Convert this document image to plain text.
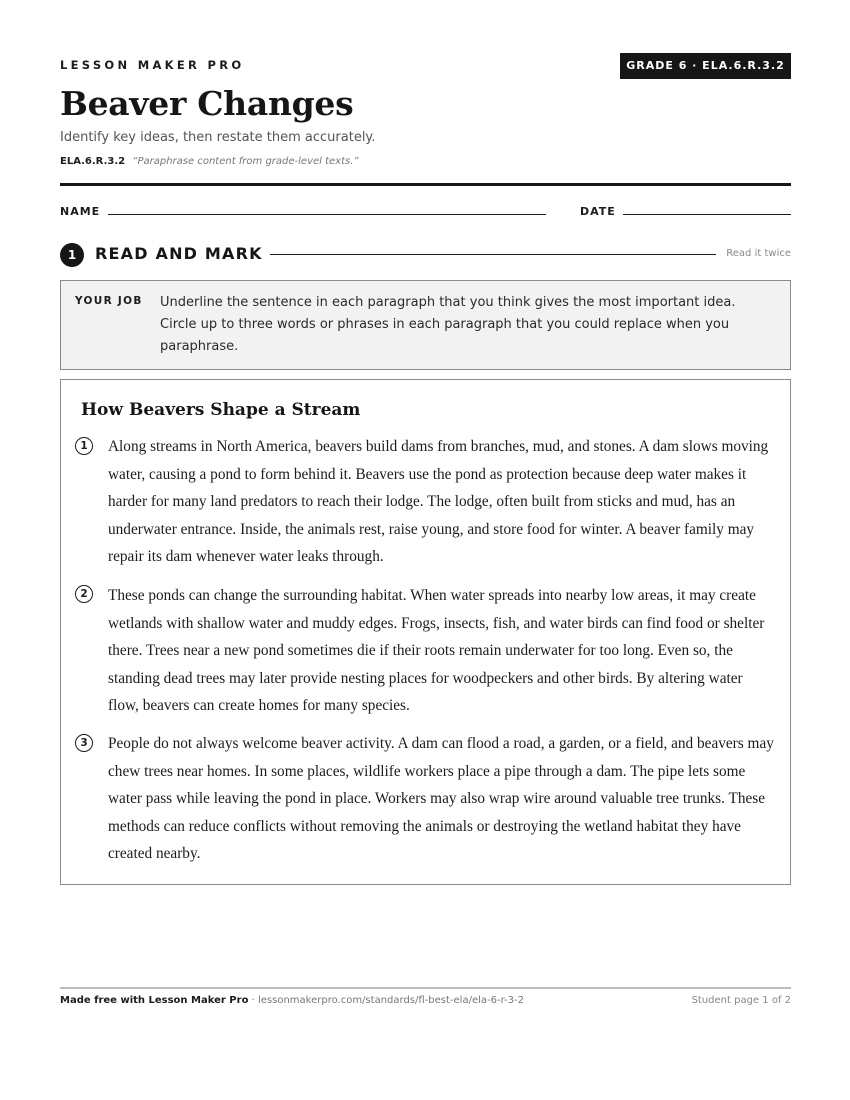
LESSON MAKER PRO	GRADE 6 · ELA.6.R.3.2
Beaver Changes
Identify key ideas, then restate them accurately.
ELA.6.R.3.2 “Paraphrase content from grade-level texts.”
NAME	DATE
1	READ AND MARK	Read it twice
YOUR JOB Underline the sentence in each paragraph that you think gives the most important idea. Circle up to three words or phrases in each paragraph that you could replace when you paraphrase.
How Beavers Shape a Stream
1	Along streams in North America, beavers build dams from branches, mud, and stones. A dam slows moving water, causing a pond to form behind it. Beavers use the pond as protection because deep water makes it harder for many land predators to reach their lodge. The lodge, often built from sticks and mud, has an underwater entrance. Inside, the animals rest, raise young, and store food for winter. A beaver family may repair its dam whenever water leaks through.
2	These ponds can change the surrounding habitat. When water spreads into nearby low areas, it may create wetlands with shallow water and muddy edges. Frogs, insects, fish, and water birds can find food or shelter there. Trees near a new pond sometimes die if their roots remain underwater for too long. Even so, the standing dead trees may later provide nesting places for woodpeckers and other birds. By altering water flow, beavers can create homes for many species.
3	People do not always welcome beaver activity. A dam can flood a road, a garden, or a field, and beavers may chew trees near homes. In some places, wildlife workers place a pipe through a dam. The pipe lets some water pass while leaving the pond in place. Workers may also wrap wire around valuable tree trunks. These methods can reduce conflicts without removing the animals or destroying the wetland habitat they have created nearby.
Made free with Lesson Maker Pro · lessonmakerpro.com/standards/fl-best-ela/ela-6-r-3-2	Student page 1 of 2
